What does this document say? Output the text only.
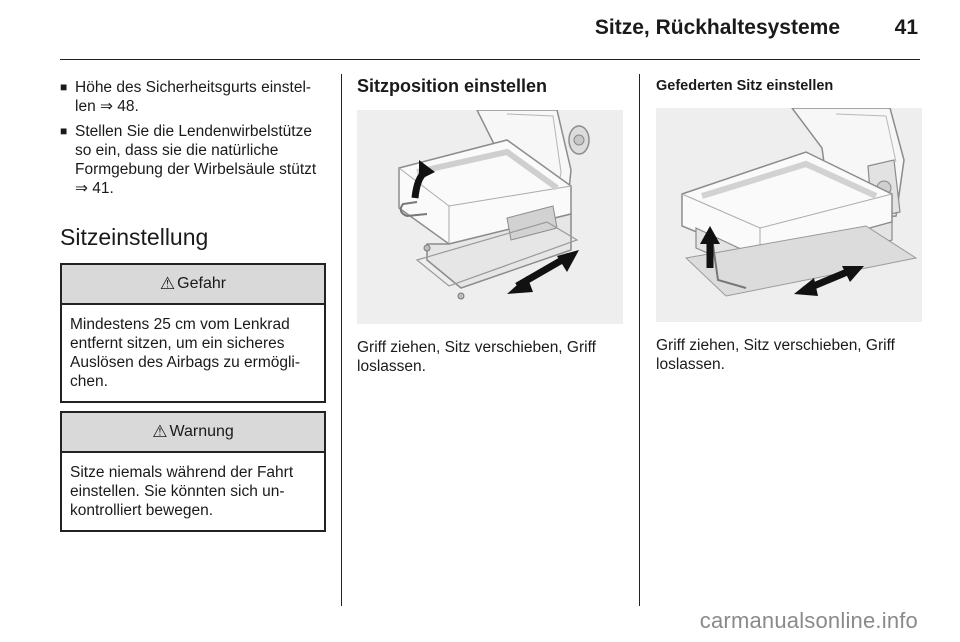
Sitze, Rückhaltesysteme	41
■ Höhe des Sicherheitsgurts einstel-
len ⇒ 48.
■ Stellen Sie die Lendenwirbelstütze
so ein, dass sie die natürliche
Formgebung der Wirbelsäule stützt
⇒ 41.
Sitzeinstellung
⚠ Gefahr
Mindestens 25 cm vom Lenkrad
entfernt sitzen, um ein sicheres
Auslösen des Airbags zu ermögli-
chen.
⚠ Warnung
Sitze niemals während der Fahrt
einstellen. Sie könnten sich un-
kontrolliert bewegen.
Sitzposition einstellen
Griff ziehen, Sitz verschieben, Griff
loslassen.
Gefederten Sitz einstellen
Griff ziehen, Sitz verschieben, Griff
loslassen.
carmanualsonline.info
